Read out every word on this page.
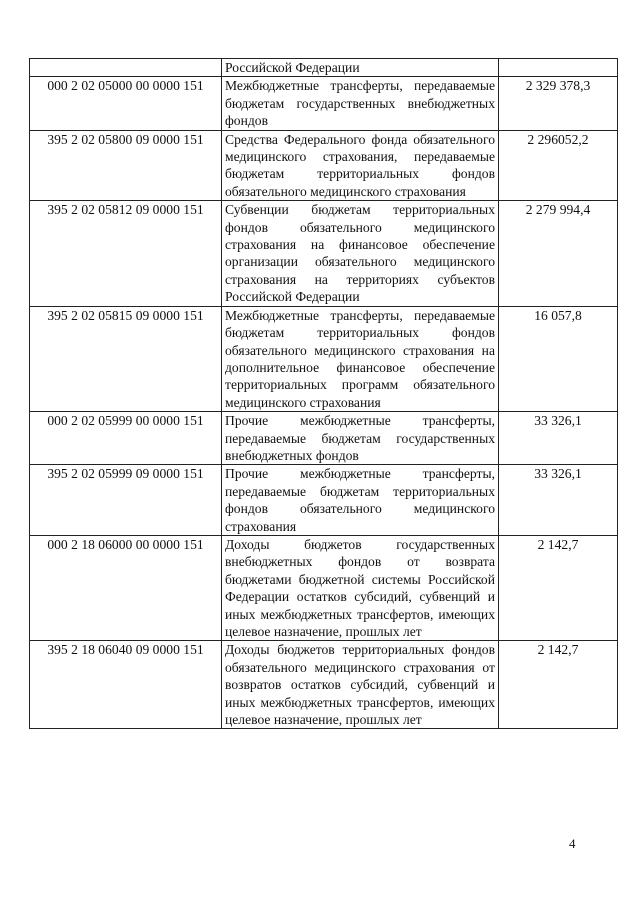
	Российской Федерации	
000 2 02 05000 00 0000 151	Межбюджетные трансферты, передаваемые бюджетам государственных внебюджетных фондов	2 329 378,3
395 2 02 05800 09 0000 151	Средства Федерального фонда обязательного медицинского страхования, передаваемые бюджетам территориальных фондов обязательного медицинского страхования	2 296052,2
395 2 02 05812 09 0000 151	Субвенции бюджетам территориальных фондов обязательного медицинского страхования на финансовое обеспечение организации обязательного медицинского страхования на территориях субъектов Российской Федерации	2 279 994,4
395 2 02 05815 09 0000 151	Межбюджетные трансферты, передаваемые бюджетам территориальных фондов обязательного медицинского страхования на дополнительное финансовое обеспечение территориальных программ обязательного медицинского страхования	16 057,8
000 2 02 05999 00 0000 151	Прочие межбюджетные трансферты, передаваемые бюджетам государственных внебюджетных фондов	33 326,1
395 2 02 05999 09 0000 151	Прочие межбюджетные трансферты, передаваемые бюджетам территориальных фондов обязательного медицинского страхования	33 326,1
000 2 18 06000 00 0000 151	Доходы бюджетов государственных внебюджетных фондов от возврата бюджетами бюджетной системы Российской Федерации остатков субсидий, субвенций и иных межбюджетных трансфертов, имеющих целевое назначение, прошлых лет	2 142,7
395 2 18 06040 09 0000 151	Доходы бюджетов территориальных фондов обязательного медицинского страхования от возвратов остатков субсидий, субвенций и иных межбюджетных трансфертов, имеющих целевое назначение, прошлых лет	2 142,7
4
